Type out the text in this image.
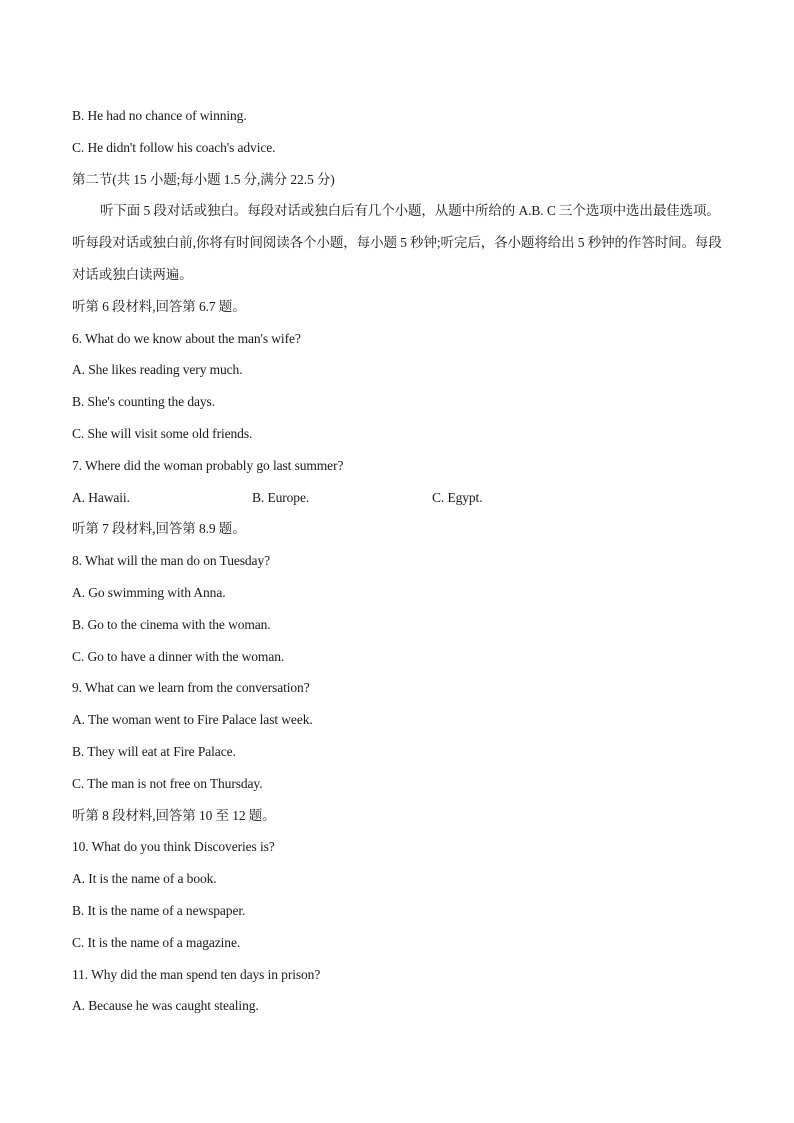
B. He had no chance of winning.
C. He didn't follow his coach's advice.
第二节(共 15 小题;每小题 1.5 分,满分 22.5 分)
听下面 5 段对话或独白。每段对话或独白后有几个小题，从题中所给的 A.B. C 三个选项中选出最佳选项。听每段对话或独白前,你将有时间阅读各个小题，每小题 5 秒钟;听完后，各小题将给出 5 秒钟的作答时间。每段对话或独白读两遍。
听第 6 段材料,回答第 6.7 题。
6. What do we know about the man's wife?
A. She likes reading very much.
B. She's counting the days.
C. She will visit some old friends.
7. Where did the woman probably go last summer?
A. Hawaii.	B. Europe.	C. Egypt.
听第 7 段材料,回答第 8.9 题。
8. What will the man do on Tuesday?
A. Go swimming with Anna.
B. Go to the cinema with the woman.
C. Go to have a dinner with the woman.
9. What can we learn from the conversation?
A. The woman went to Fire Palace last week.
B. They will eat at Fire Palace.
C. The man is not free on Thursday.
听第 8 段材料,回答第 10 至 12 题。
10. What do you think Discoveries is?
A. It is the name of a book.
B. It is the name of a newspaper.
C. It is the name of a magazine.
11. Why did the man spend ten days in prison?
A. Because he was caught stealing.
